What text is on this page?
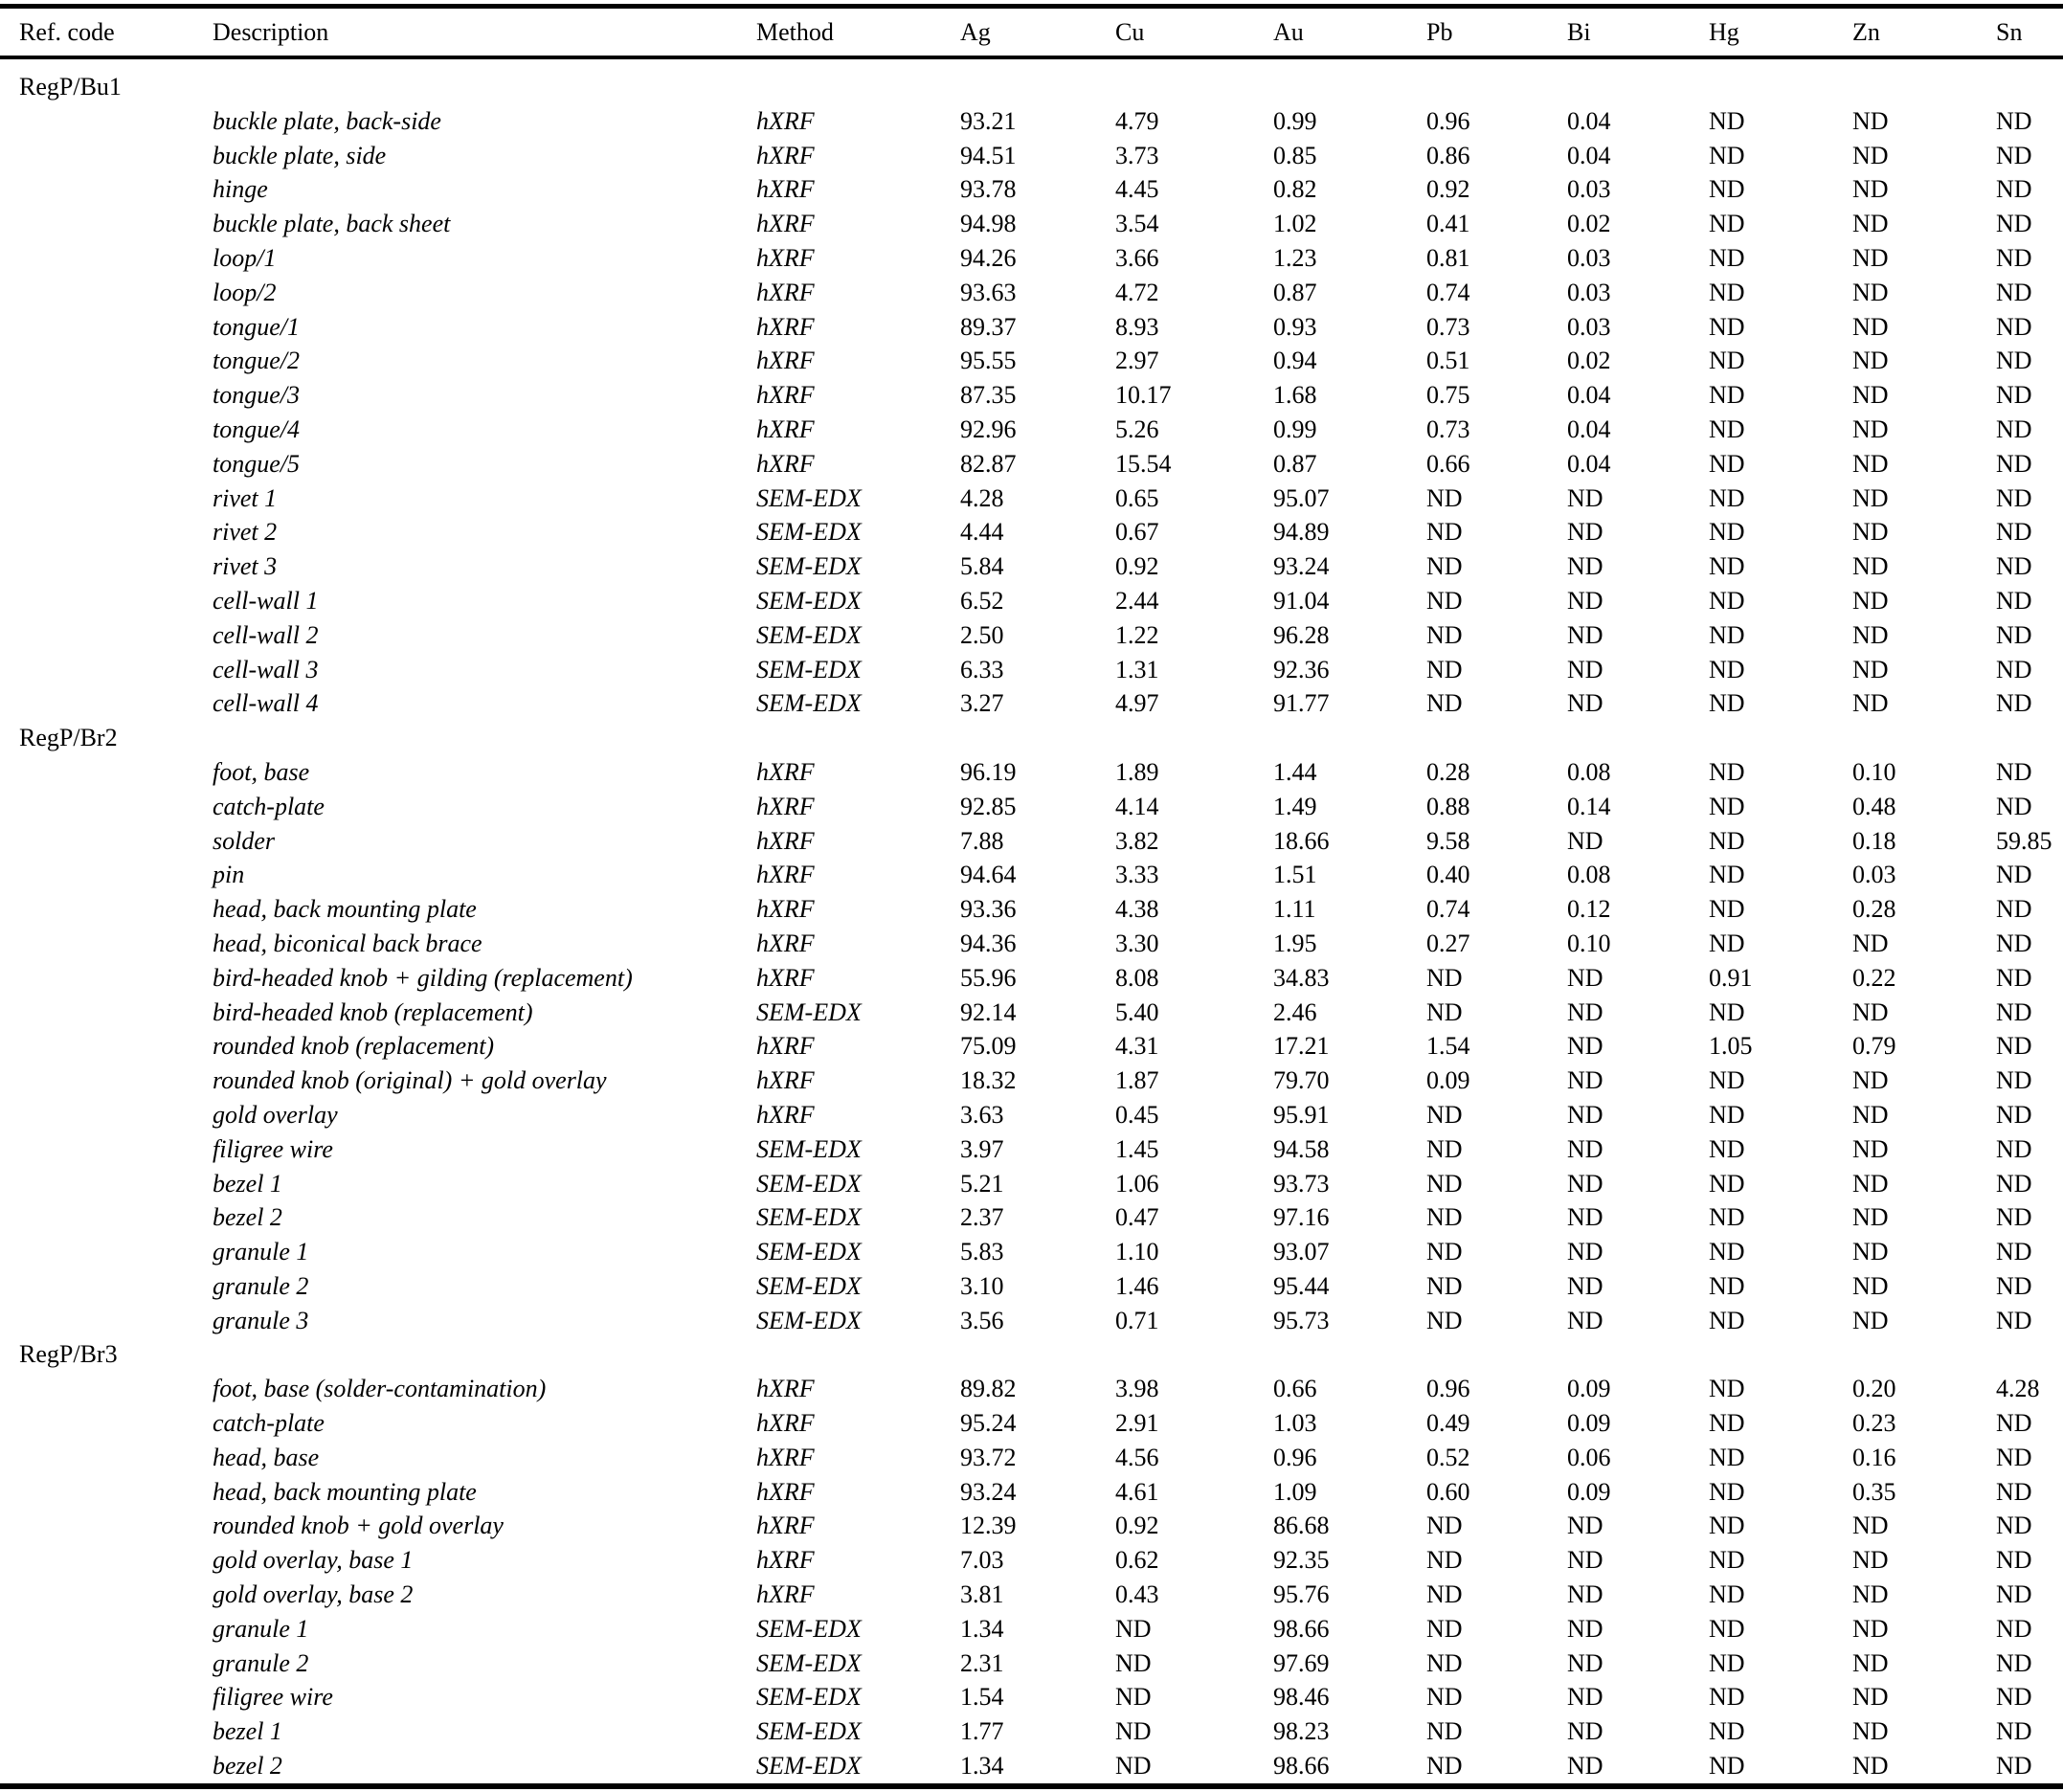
Ref. code	Description	Method	Ag	Cu	Au	Pb	Bi	Hg	Zn	Sn

RegP/Bu1										
	buckle plate, back-side	hXRF	93.21	4.79	0.99	0.96	0.04	ND	ND	ND
	buckle plate, side	hXRF	94.51	3.73	0.85	0.86	0.04	ND	ND	ND
	hinge	hXRF	93.78	4.45	0.82	0.92	0.03	ND	ND	ND
	buckle plate, back sheet	hXRF	94.98	3.54	1.02	0.41	0.02	ND	ND	ND
	loop/1	hXRF	94.26	3.66	1.23	0.81	0.03	ND	ND	ND
	loop/2	hXRF	93.63	4.72	0.87	0.74	0.03	ND	ND	ND
	tongue/1	hXRF	89.37	8.93	0.93	0.73	0.03	ND	ND	ND
	tongue/2	hXRF	95.55	2.97	0.94	0.51	0.02	ND	ND	ND
	tongue/3	hXRF	87.35	10.17	1.68	0.75	0.04	ND	ND	ND
	tongue/4	hXRF	92.96	5.26	0.99	0.73	0.04	ND	ND	ND
	tongue/5	hXRF	82.87	15.54	0.87	0.66	0.04	ND	ND	ND
	rivet 1	SEM-EDX	4.28	0.65	95.07	ND	ND	ND	ND	ND
	rivet 2	SEM-EDX	4.44	0.67	94.89	ND	ND	ND	ND	ND
	rivet 3	SEM-EDX	5.84	0.92	93.24	ND	ND	ND	ND	ND
	cell-wall 1	SEM-EDX	6.52	2.44	91.04	ND	ND	ND	ND	ND
	cell-wall 2	SEM-EDX	2.50	1.22	96.28	ND	ND	ND	ND	ND
	cell-wall 3	SEM-EDX	6.33	1.31	92.36	ND	ND	ND	ND	ND
	cell-wall 4	SEM-EDX	3.27	4.97	91.77	ND	ND	ND	ND	ND
RegP/Br2										
	foot, base	hXRF	96.19	1.89	1.44	0.28	0.08	ND	0.10	ND
	catch-plate	hXRF	92.85	4.14	1.49	0.88	0.14	ND	0.48	ND
	solder	hXRF	7.88	3.82	18.66	9.58	ND	ND	0.18	59.85
	pin	hXRF	94.64	3.33	1.51	0.40	0.08	ND	0.03	ND
	head, back mounting plate	hXRF	93.36	4.38	1.11	0.74	0.12	ND	0.28	ND
	head, biconical back brace	hXRF	94.36	3.30	1.95	0.27	0.10	ND	ND	ND
	bird-headed knob + gilding (replacement)	hXRF	55.96	8.08	34.83	ND	ND	0.91	0.22	ND
	bird-headed knob (replacement)	SEM-EDX	92.14	5.40	2.46	ND	ND	ND	ND	ND
	rounded knob (replacement)	hXRF	75.09	4.31	17.21	1.54	ND	1.05	0.79	ND
	rounded knob (original) + gold overlay	hXRF	18.32	1.87	79.70	0.09	ND	ND	ND	ND
	gold overlay	hXRF	3.63	0.45	95.91	ND	ND	ND	ND	ND
	filigree wire	SEM-EDX	3.97	1.45	94.58	ND	ND	ND	ND	ND
	bezel 1	SEM-EDX	5.21	1.06	93.73	ND	ND	ND	ND	ND
	bezel 2	SEM-EDX	2.37	0.47	97.16	ND	ND	ND	ND	ND
	granule 1	SEM-EDX	5.83	1.10	93.07	ND	ND	ND	ND	ND
	granule 2	SEM-EDX	3.10	1.46	95.44	ND	ND	ND	ND	ND
	granule 3	SEM-EDX	3.56	0.71	95.73	ND	ND	ND	ND	ND
RegP/Br3										
	foot, base (solder-contamination)	hXRF	89.82	3.98	0.66	0.96	0.09	ND	0.20	4.28
	catch-plate	hXRF	95.24	2.91	1.03	0.49	0.09	ND	0.23	ND
	head, base	hXRF	93.72	4.56	0.96	0.52	0.06	ND	0.16	ND
	head, back mounting plate	hXRF	93.24	4.61	1.09	0.60	0.09	ND	0.35	ND
	rounded knob + gold overlay	hXRF	12.39	0.92	86.68	ND	ND	ND	ND	ND
	gold overlay, base 1	hXRF	7.03	0.62	92.35	ND	ND	ND	ND	ND
	gold overlay, base 2	hXRF	3.81	0.43	95.76	ND	ND	ND	ND	ND
	granule 1	SEM-EDX	1.34	ND	98.66	ND	ND	ND	ND	ND
	granule 2	SEM-EDX	2.31	ND	97.69	ND	ND	ND	ND	ND
	filigree wire	SEM-EDX	1.54	ND	98.46	ND	ND	ND	ND	ND
	bezel 1	SEM-EDX	1.77	ND	98.23	ND	ND	ND	ND	ND
	bezel 2	SEM-EDX	1.34	ND	98.66	ND	ND	ND	ND	ND
